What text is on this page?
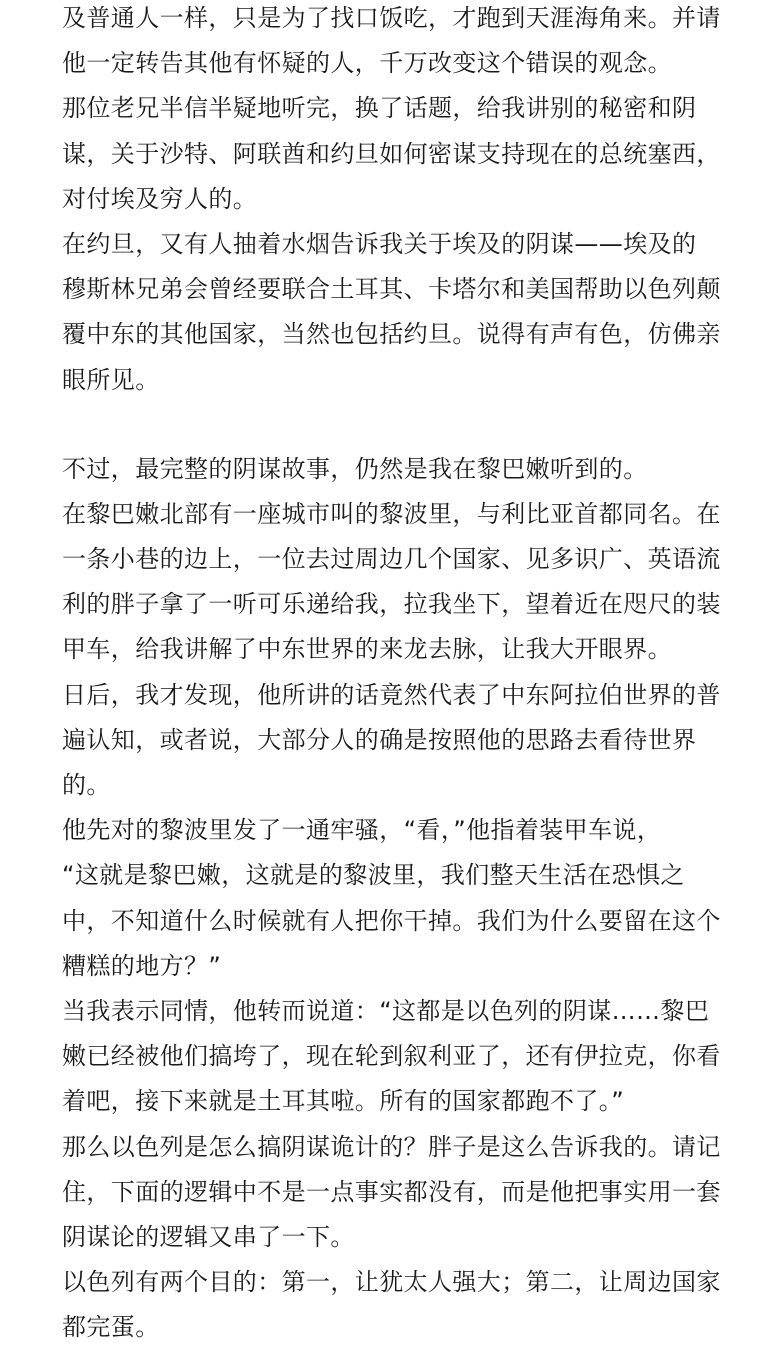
及普通人一样，只是为了找口饭吃，才跑到天涯海角来。并请
他一定转告其他有怀疑的人，千万改变这个错误的观念。
那位老兄半信半疑地听完，换了话题，给我讲别的秘密和阴
谋，关于沙特、阿联酋和约旦如何密谋支持现在的总统塞西，
对付埃及穷人的。
在约旦，又有人抽着水烟告诉我关于埃及的阴谋——埃及的
穆斯林兄弟会曾经要联合土耳其、卡塔尔和美国帮助以色列颠
覆中东的其他国家，当然也包括约旦。说得有声有色，仿佛亲
眼所见。
不过，最完整的阴谋故事，仍然是我在黎巴嫩听到的。
在黎巴嫩北部有一座城市叫的黎波里，与利比亚首都同名。在
一条小巷的边上，一位去过周边几个国家、见多识广、英语流
利的胖子拿了一听可乐递给我，拉我坐下，望着近在咫尺的装
甲车，给我讲解了中东世界的来龙去脉，让我大开眼界。
日后，我才发现，他所讲的话竟然代表了中东阿拉伯世界的普
遍认知，或者说，大部分人的确是按照他的思路去看待世界
的。
他先对的黎波里发了一通牢骚，“看，”他指着装甲车说，
“这就是黎巴嫩，这就是的黎波里，我们整天生活在恐惧之
中，不知道什么时候就有人把你干掉。我们为什么要留在这个
糟糕的地方？”
当我表示同情，他转而说道：“这都是以色列的阴谋……黎巴
嫩已经被他们搞垮了，现在轮到叙利亚了，还有伊拉克，你看
着吧，接下来就是土耳其啦。所有的国家都跑不了。”
那么以色列是怎么搞阴谋诡计的？胖子是这么告诉我的。请记
住，下面的逻辑中不是一点事实都没有，而是他把事实用一套
阴谋论的逻辑又串了一下。
以色列有两个目的：第一，让犹太人强大；第二，让周边国家
都完蛋。
